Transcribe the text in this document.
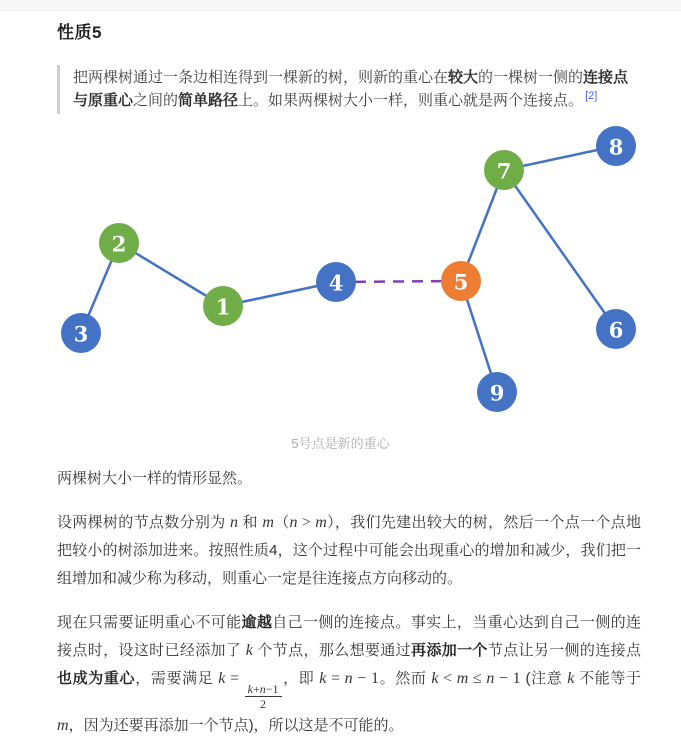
性质5
把两棵树通过一条边相连得到一棵新的树，则新的重心在较大的一棵树一侧的连接点与原重心之间的简单路径上。如果两棵树大小一样，则重心就是两个连接点。 [2]
1
2
3
4	5
6
7
8
9
5号点是新的重心

两棵树大小一样的情形显然。

设两棵树的节点数分别为 n 和 m（n > m），我们先建出较大的树，然后一个点一个点地把较小的树添加进来。按照性质4，这个过程中可能会出现重心的增加和减少，我们把一组增加和减少称为移动，则重心一定是往连接点方向移动的。

现在只需要证明重心不可能逾越自己一侧的连接点。事实上，当重心达到自己一侧的连接点时，设这时已经添加了 k 个节点，那么想要通过再添加一个节点让另一侧的连接点也成为重心，需要满足 k =
$\frac{k+n-1}{2}$
，即 k = n − 1。然而 k < m ≤ n − 1 (注意 k 不能等于 m，因为还要再添加一个节点)，所以这是不可能的。
